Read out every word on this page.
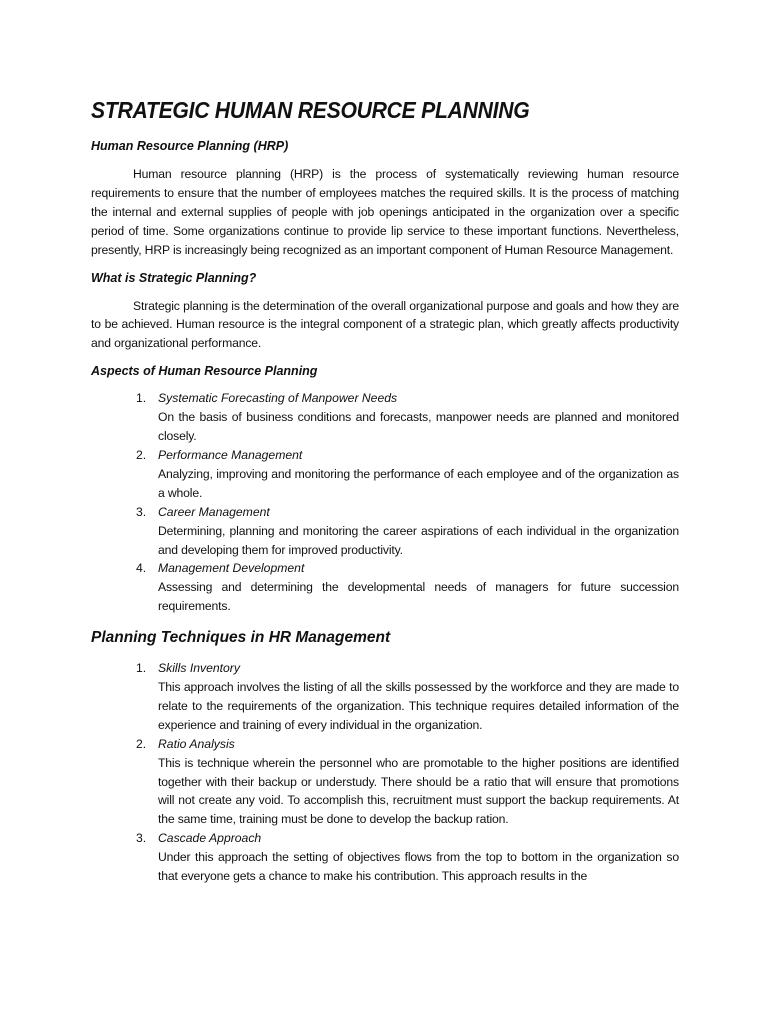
STRATEGIC HUMAN RESOURCE PLANNING

Human Resource Planning (HRP)

Human resource planning (HRP) is the process of systematically reviewing human resource requirements to ensure that the number of employees matches the required skills. It is the process of matching the internal and external supplies of people with job openings anticipated in the organization over a specific period of time. Some organizations continue to provide lip service to these important functions. Nevertheless, presently, HRP is increasingly being recognized as an important component of Human Resource Management.

What is Strategic Planning?

Strategic planning is the determination of the overall organizational purpose and goals and how they are to be achieved. Human resource is the integral component of a strategic plan, which greatly affects productivity and organizational performance.

Aspects of Human Resource Planning

1. Systematic Forecasting of Manpower Needs
On the basis of business conditions and forecasts, manpower needs are planned and monitored closely.
2. Performance Management
Analyzing, improving and monitoring the performance of each employee and of the organization as a whole.
3. Career Management
Determining, planning and monitoring the career aspirations of each individual in the organization and developing them for improved productivity.
4. Management Development
Assessing and determining the developmental needs of managers for future succession requirements.

Planning Techniques in HR Management

1. Skills Inventory
This approach involves the listing of all the skills possessed by the workforce and they are made to relate to the requirements of the organization. This technique requires detailed information of the experience and training of every individual in the organization.
2. Ratio Analysis
This is technique wherein the personnel who are promotable to the higher positions are identified together with their backup or understudy. There should be a ratio that will ensure that promotions will not create any void. To accomplish this, recruitment must support the backup requirements. At the same time, training must be done to develop the backup ration.
3. Cascade Approach
Under this approach the setting of objectives flows from the top to bottom in the organization so that everyone gets a chance to make his contribution. This approach results in the
